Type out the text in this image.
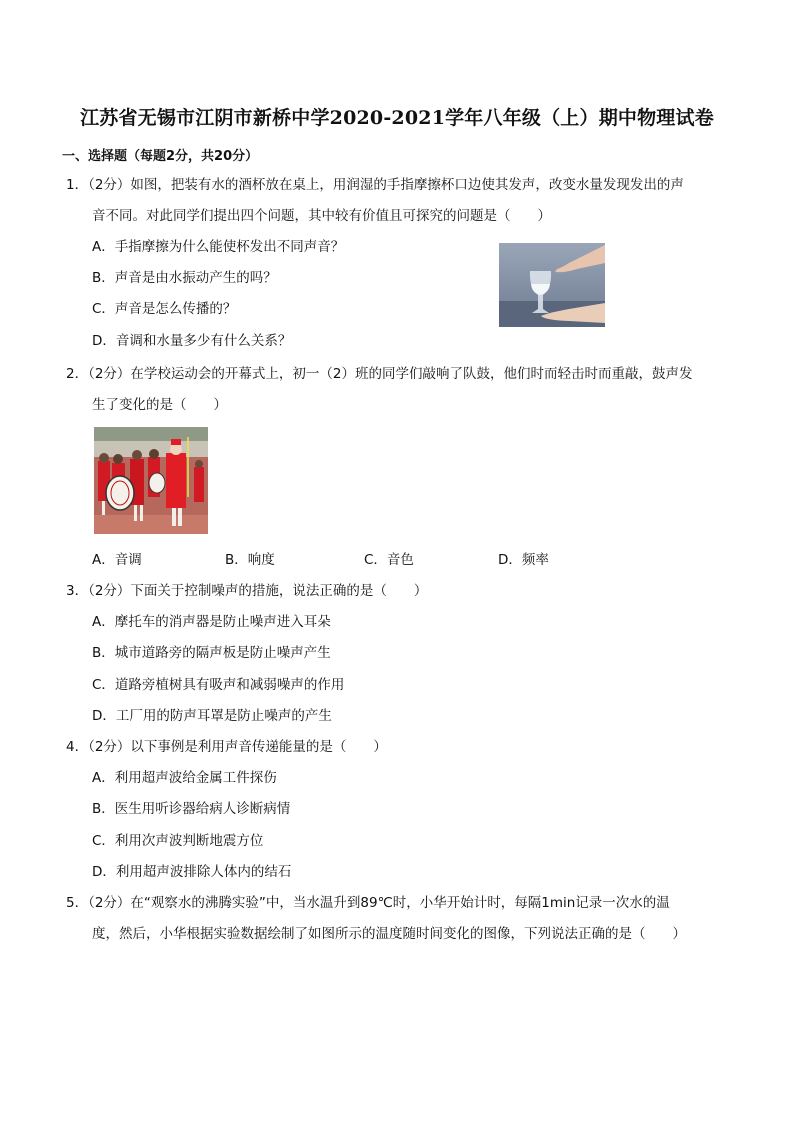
江苏省无锡市江阴市新桥中学2020-2021学年八年级（上）期中物理试卷
一、选择题（每题2分，共20分）
1．（2分）如图，把装有水的酒杯放在桌上，用润湿的手指摩擦杯口边使其发声，改变水量发现发出的声
音不同。对此同学们提出四个问题，其中较有价值且可探究的问题是（　　）
A．手指摩擦为什么能使杯发出不同声音？
B．声音是由水振动产生的吗？
C．声音是怎么传播的？
D．音调和水量多少有什么关系？
2．（2分）在学校运动会的开幕式上，初一（2）班的同学们敲响了队鼓，他们时而轻击时而重敲，鼓声发
生了变化的是（　　）
A．音调	B．响度	C．音色	D．频率
3．（2分）下面关于控制噪声的措施，说法正确的是（　　）
A．摩托车的消声器是防止噪声进入耳朵
B．城市道路旁的隔声板是防止噪声产生
C．道路旁植树具有吸声和减弱噪声的作用
D．工厂用的防声耳罩是防止噪声的产生
4．（2分）以下事例是利用声音传递能量的是（　　）
A．利用超声波给金属工件探伤
B．医生用听诊器给病人诊断病情
C．利用次声波判断地震方位
D．利用超声波排除人体内的结石
5．（2分）在“观察水的沸腾实验”中，当水温升到89℃时，小华开始计时，每隔1min记录一次水的温
度，然后，小华根据实验数据绘制了如图所示的温度随时间变化的图像，下列说法正确的是（　　）
